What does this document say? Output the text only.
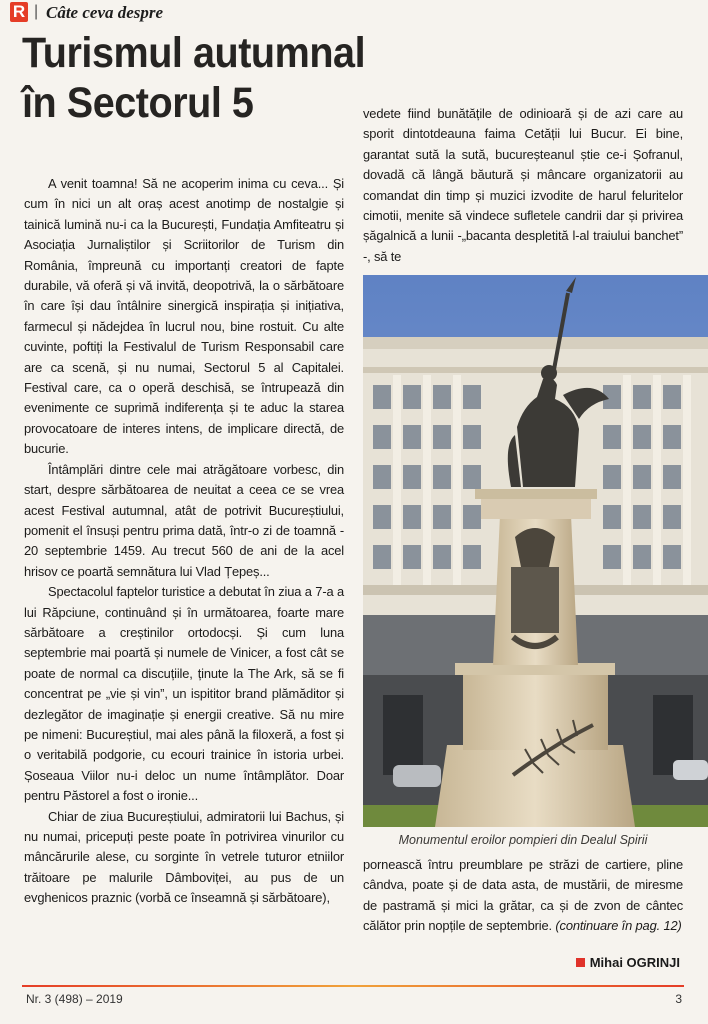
R | Câte ceva despre
Turismul autumnal
în Sectorul 5

A venit toamna! Să ne acoperim inima cu ceva... Și cum în nici un alt oraș acest anotimp de nostalgie și tainică lumină nu-i ca la București, Fundația Amfiteatru și Asociația Jurnaliștilor și Scriitorilor de Turism din România, împreună cu importanți creatori de fapte durabile, vă oferă și vă invită, deopotrivă, la o sărbătoare în care își dau întâlnire sinergică inspirația și inițiativa, farmecul și nădejdea în lucrul nou, bine rostuit. Cu alte cuvinte, poftiți la Festivalul de Turism Responsabil care are ca scenă, și nu numai, Sectorul 5 al Capitalei. Festival care, ca o operă deschisă, se întrupează din evenimente ce suprimă indiferența și te aduc la starea provocatoare de interes intens, de implicare directă, de bucurie.

Întâmplări dintre cele mai atrăgătoare vorbesc, din start, despre sărbătoarea de neuitat a ceea ce se vrea acest Festival autumnal, atât de potrivit Bucureștiului, pomenit el însuși pentru prima dată, într-o zi de toamnă - 20 septembrie 1459. Au trecut 560 de ani de la acel hrisov ce poartă semnătura lui Vlad Țepeș...

Spectacolul faptelor turistice a debutat în ziua a 7-a a lui Răpciune, continuând și în următoarea, foarte mare sărbătoare a creștinilor ortodocși. Și cum luna septembrie mai poartă și numele de Vinicer, a fost cât se poate de normal ca discuțiile, ținute la The Ark, să se fi concentrat pe „vie și vin”, un ispititor brand plămăditor și dezlegător de imaginație și energii creative. Să nu mire pe nimeni: Bucureștiul, mai ales până la filoxeră, a fost și o veritabilă podgorie, cu ecouri trainice în istoria urbei. Șoseaua Viilor nu-i deloc un nume întâmplător. Doar pentru Păstorel a fost o ironie...

Chiar de ziua Bucureștiului, admiratorii lui Bachus, și nu numai, pricepuți peste poate în potrivirea vinurilor cu mâncărurile alese, cu sorginte în vetrele tuturor etniilor trăitoare pe malurile Dâmboviței, au pus de un evghenicos praznic (vorbă ce înseamnă și sărbătoare),

vedete fiind bunătățile de odinioară și de azi care au sporit dintotdeauna faima Cetății lui Bucur. Ei bine, garantat sută la sută, bucureșteanul știe ce-i Șofranul, dovadă că lângă băutură și mâncare organizatorii au comandat din timp și muzici izvodite de harul feluritelor cimotii, menite să vindece sufletele candrii dar și privirea șăgalnică a lunii -„bacanta despletită l-al traiului banchet” -, să te

Monumentul eroilor pompieri din Dealul Spirii

pornească întru preumblare pe străzi de cartiere, pline cândva, poate și de data asta, de mustării, de miresme de pastramă și mici la grătar, ca și de zvon de cântec călător prin nopțile de septembrie. (continuare în pag. 12)

Mihai OGRINJI
Nr. 3 (498) – 2019	3
